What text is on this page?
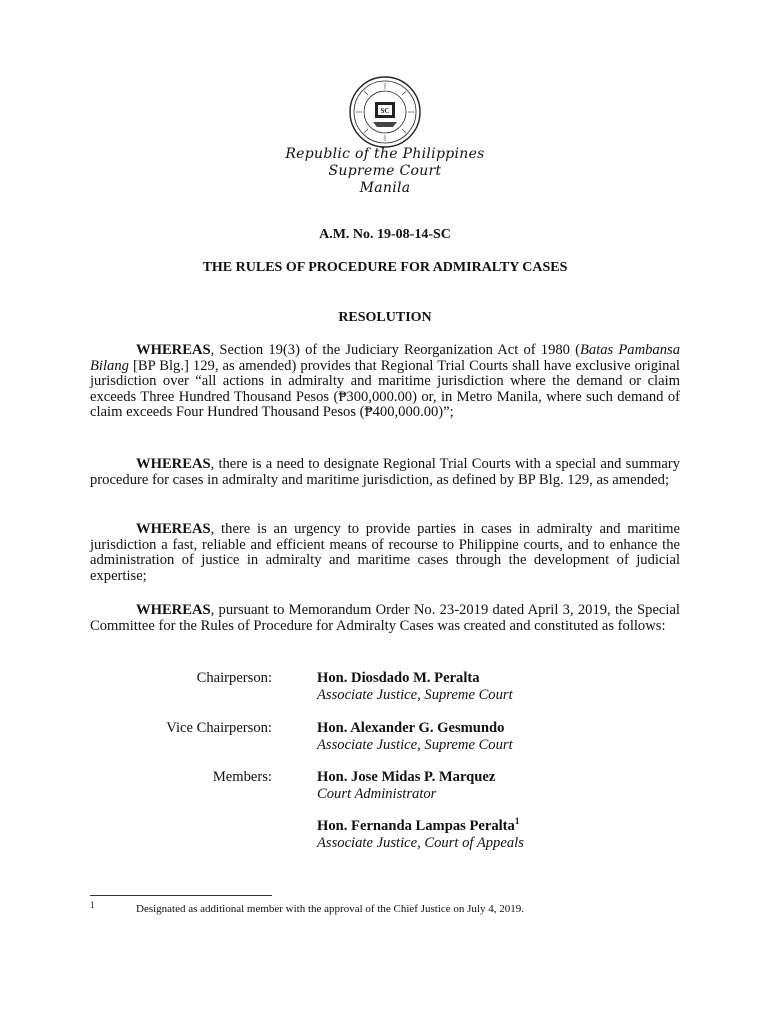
SC
Republic of the Philippines
Supreme Court
Manila
A.M. No. 19-08-14-SC
THE RULES OF PROCEDURE FOR ADMIRALTY CASES
RESOLUTION
WHEREAS, Section 19(3) of the Judiciary Reorganization Act of 1980 (Batas Pambansa Bilang [BP Blg.] 129, as amended) provides that Regional Trial Courts shall have exclusive original jurisdiction over “all actions in admiralty and maritime jurisdiction where the demand or claim exceeds Three Hundred Thousand Pesos (₱300,000.00) or, in Metro Manila, where such demand of claim exceeds Four Hundred Thousand Pesos (₱400,000.00)”;
WHEREAS, there is a need to designate Regional Trial Courts with a special and summary procedure for cases in admiralty and maritime jurisdiction, as defined by BP Blg. 129, as amended;
WHEREAS, there is an urgency to provide parties in cases in admiralty and maritime jurisdiction a fast, reliable and efficient means of recourse to Philippine courts, and to enhance the administration of justice in admiralty and maritime cases through the development of judicial expertise;
WHEREAS, pursuant to Memorandum Order No. 23-2019 dated April 3, 2019, the Special Committee for the Rules of Procedure for Admiralty Cases was created and constituted as follows:
Chairperson:	Hon. Diosdado M. Peralta
Associate Justice, Supreme Court
Vice Chairperson:	Hon. Alexander G. Gesmundo
Associate Justice, Supreme Court
Members:	Hon. Jose Midas P. Marquez
Court Administrator
Hon. Fernanda Lampas Peralta$^1$
Associate Justice, Court of Appeals
1	Designated as additional member with the approval of the Chief Justice on July 4, 2019.
